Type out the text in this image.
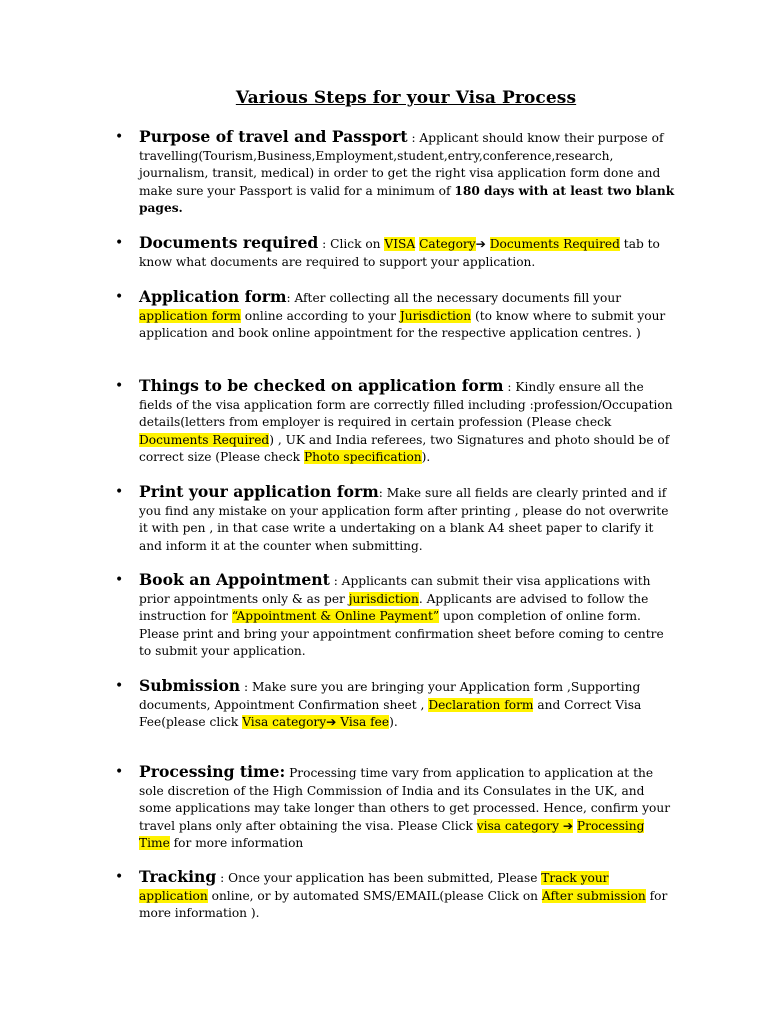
Various Steps for your Visa Process
• Purpose of travel and Passport : Applicant should know their purpose of travelling(Tourism,Business,Employment,student,entry,conference,research, journalism, transit, medical) in order to get the right visa application form done and make sure your Passport is valid for a minimum of 180 days with at least two blank pages.
• Documents required : Click on VISA Category➔ Documents Required tab to know what documents are required to support your application.
• Application form: After collecting all the necessary documents fill your application form online according to your Jurisdiction (to know where to submit your application and book online appointment for the respective application centres. )
• Things to be checked on application form : Kindly ensure all the fields of the visa application form are correctly filled including :profession/Occupation details(letters from employer is required in certain profession (Please check Documents Required) , UK and India referees, two Signatures and photo should be of correct size (Please check Photo specification).
• Print your application form: Make sure all fields are clearly printed and if you find any mistake on your application form after printing , please do not overwrite it with pen , in that case write a undertaking on a blank A4 sheet paper to clarify it and inform it at the counter when submitting.
• Book an Appointment : Applicants can submit their visa applications with prior appointments only & as per jurisdiction. Applicants are advised to follow the instruction for “Appointment & Online Payment” upon completion of online form. Please print and bring your appointment confirmation sheet before coming to centre to submit your application.
• Submission : Make sure you are bringing your Application form ,Supporting documents, Appointment Confirmation sheet , Declaration form and Correct Visa Fee(please click Visa category➔ Visa fee).
• Processing time: Processing time vary from application to application at the sole discretion of the High Commission of India and its Consulates in the UK, and some applications may take longer than others to get processed. Hence, confirm your travel plans only after obtaining the visa. Please Click visa category ➔ Processing Time for more information
• Tracking : Once your application has been submitted, Please Track your application online, or by automated SMS/EMAIL(please Click on After submission for more information ).
